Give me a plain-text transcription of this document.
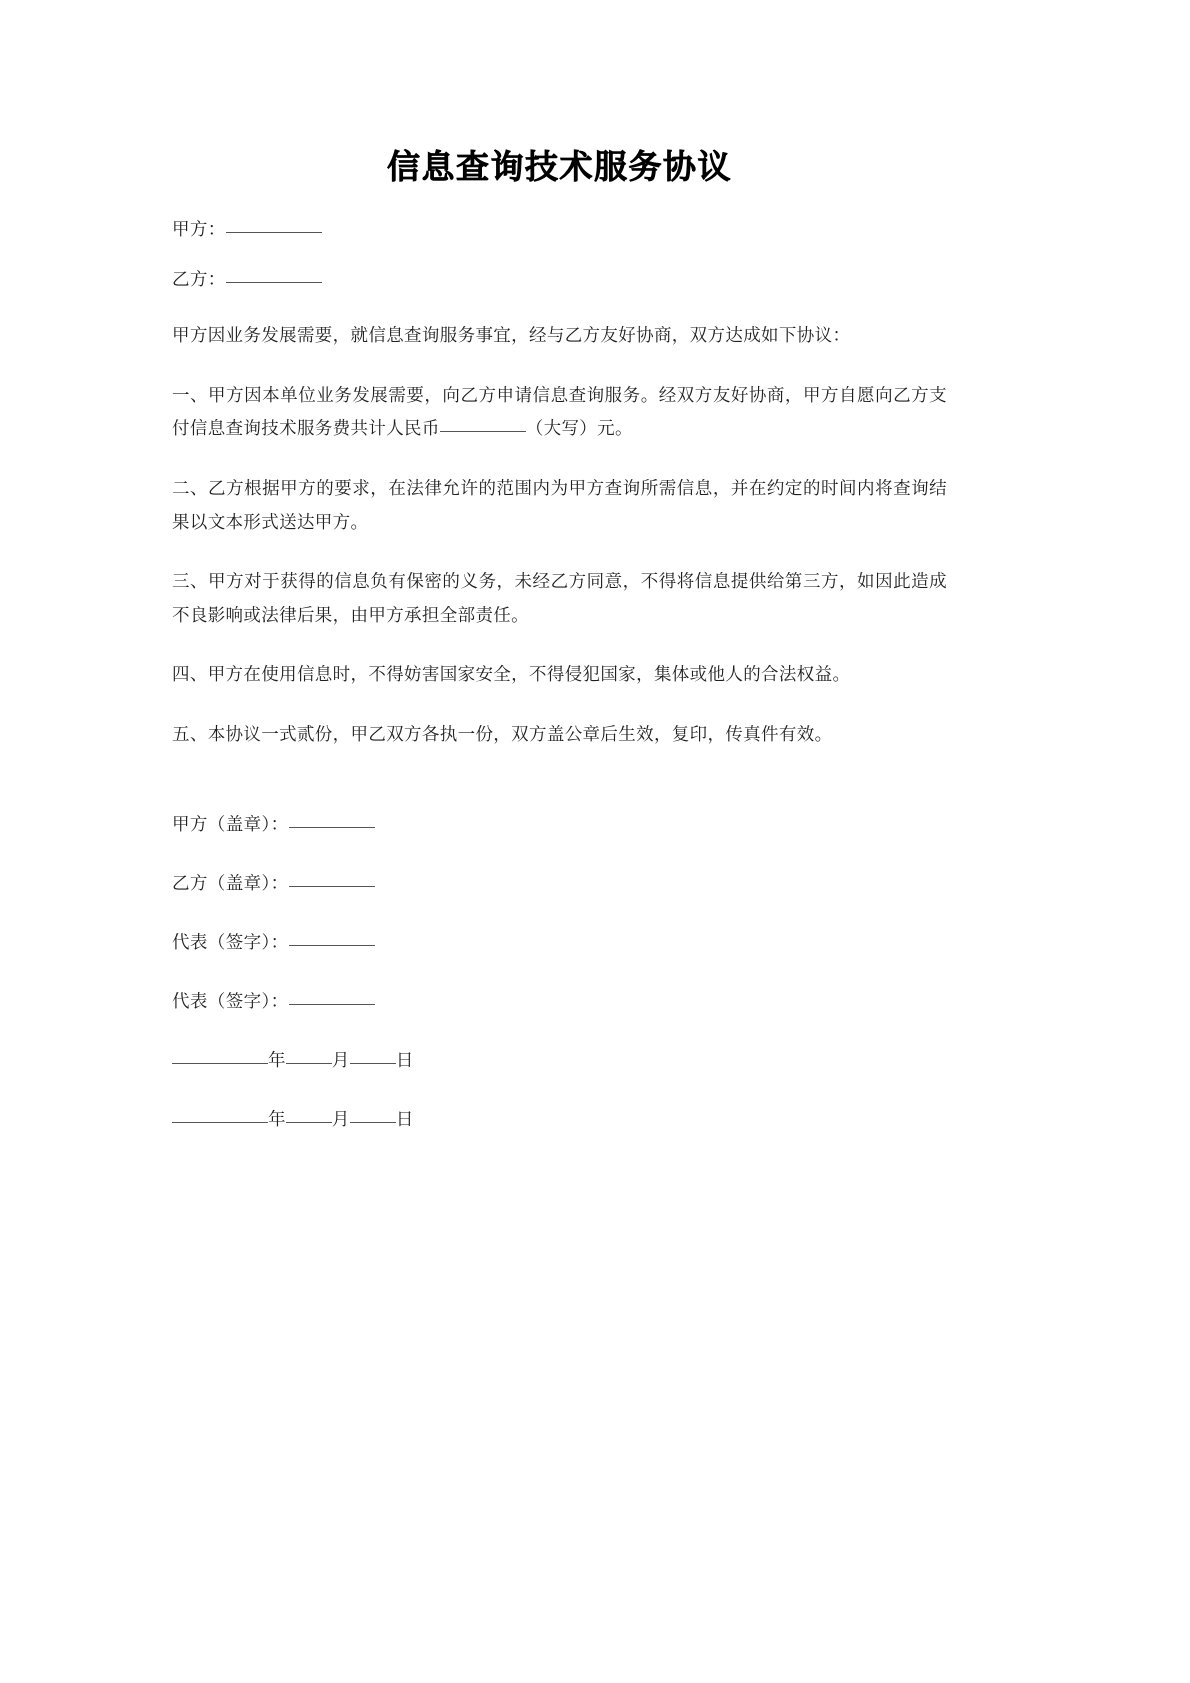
信息查询技术服务协议

甲方：

乙方：

甲方因业务发展需要，就信息查询服务事宜，经与乙方友好协商，双方达成如下协议：

一、甲方因本单位业务发展需要，向乙方申请信息查询服务。经双方友好协商，甲方自愿向乙方支付信息查询技术服务费共计人民币	（大写）元。

二、乙方根据甲方的要求，在法律允许的范围内为甲方查询所需信息，并在约定的时间内将查询结果以文本形式送达甲方。

三、甲方对于获得的信息负有保密的义务，未经乙方同意，不得将信息提供给第三方，如因此造成不良影响或法律后果，由甲方承担全部责任。

四、甲方在使用信息时，不得妨害国家安全，不得侵犯国家，集体或他人的合法权益。

五、本协议一式贰份，甲乙双方各执一份，双方盖公章后生效，复印，传真件有效。

甲方（盖章）：

乙方（盖章）：

代表（签字）：

代表（签字）：

年	月	日

年	月	日
